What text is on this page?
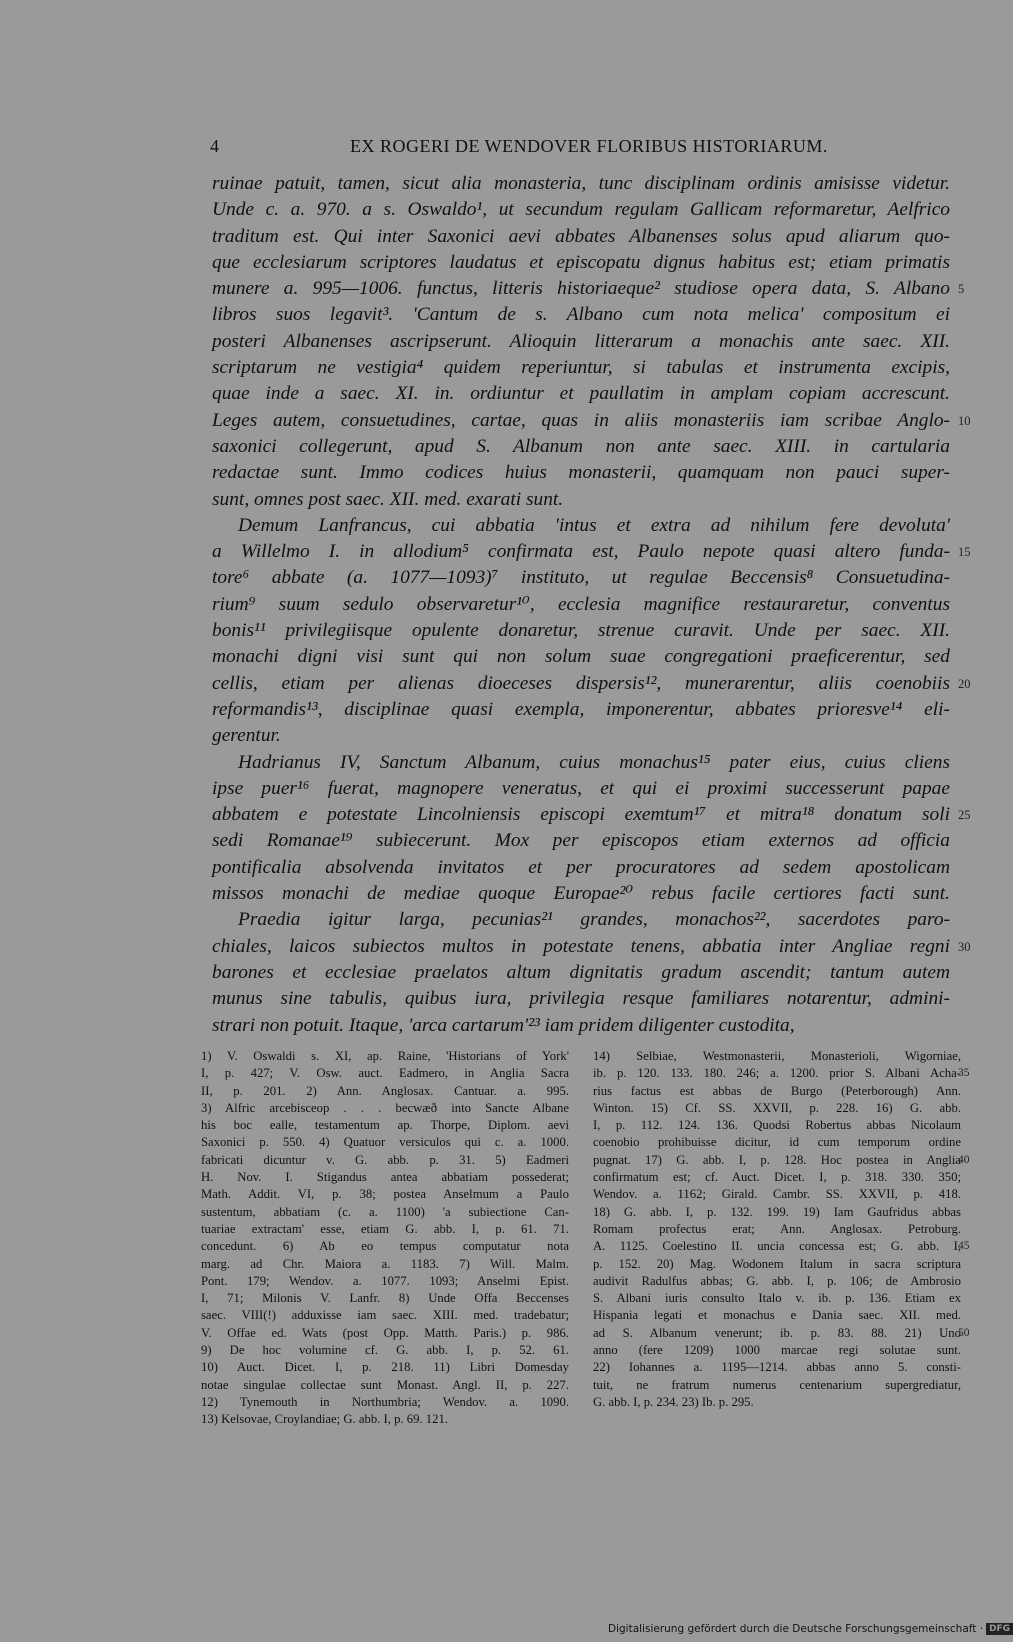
4	EX ROGERI DE WENDOVER FLORIBUS HISTORIARUM.
ruinae patuit, tamen, sicut alia monasteria, tunc disciplinam ordinis amisisse videtur.
Unde c. a. 970. a s. Oswaldo¹, ut secundum regulam Gallicam reformaretur, Aelfrico
traditum est. Qui inter Saxonici aevi abbates Albanenses solus apud aliarum quo-
que ecclesiarum scriptores laudatus et episcopatu dignus habitus est; etiam primatis
munere a. 995—1006. functus, litteris historiaeque² studiose opera data, S. Albano
libros suos legavit³. 'Cantum de s. Albano cum nota melica' compositum ei
posteri Albanenses ascripserunt. Alioquin litterarum a monachis ante saec. XII.
scriptarum ne vestigia⁴ quidem reperiuntur, si tabulas et instrumenta excipis,
quae inde a saec. XI. in. ordiuntur et paullatim in amplam copiam accrescunt.
Leges autem, consuetudines, cartae, quas in aliis monasteriis iam scribae Anglo-
saxonici collegerunt, apud S. Albanum non ante saec. XIII. in cartularia
redactae sunt. Immo codices huius monasterii, quamquam non pauci super-
sunt, omnes post saec. XII. med. exarati sunt.
Demum Lanfrancus, cui abbatia 'intus et extra ad nihilum fere devoluta'
a Willelmo I. in allodium⁵ confirmata est, Paulo nepote quasi altero funda-
tore⁶ abbate (a. 1077—1093)⁷ instituto, ut regulae Beccensis⁸ Consuetudina-
rium⁹ suum sedulo observaretur¹⁰, ecclesia magnifice restauraretur, conventus
bonis¹¹ privilegiisque opulente donaretur, strenue curavit. Unde per saec. XII.
monachi digni visi sunt qui non solum suae congregationi praeficerentur, sed
cellis, etiam per alienas dioeceses dispersis¹², munerarentur, aliis coenobiis
reformandis¹³, disciplinae quasi exempla, imponerentur, abbates prioresve¹⁴ eli-
gerentur.
Hadrianus IV, Sanctum Albanum, cuius monachus¹⁵ pater eius, cuius cliens
ipse puer¹⁶ fuerat, magnopere veneratus, et qui ei proximi successerunt papae
abbatem e potestate Lincolniensis episcopi exemtum¹⁷ et mitra¹⁸ donatum soli
sedi Romanae¹⁹ subiecerunt. Mox per episcopos etiam externos ad officia
pontificalia absolvenda invitatos et per procuratores ad sedem apostolicam
missos monachi de mediae quoque Europae²⁰ rebus facile certiores facti sunt.
Praedia igitur larga, pecunias²¹ grandes, monachos²², sacerdotes paro-
chiales, laicos subiectos multos in potestate tenens, abbatia inter Angliae regni
barones et ecclesiae praelatos altum dignitatis gradum ascendit; tantum autem
munus sine tabulis, quibus iura, privilegia resque familiares notarentur, admini-
strari non potuit. Itaque, 'arca cartarum'²³ iam pridem diligenter custodita,
5
10
15
20
25
30
1) V. Oswaldi s. XI, ap. Raine, 'Historians of York'
I, p. 427; V. Osw. auct. Eadmero, in Anglia Sacra
II, p. 201. 2) Ann. Anglosax. Cantuar. a. 995.
3) Alfric arcebisceop . . . becwæð into Sancte Albane
his boc ealle, testamentum ap. Thorpe, Diplom. aevi
Saxonici p. 550. 4) Quatuor versiculos qui c. a. 1000.
fabricati dicuntur v. G. abb. p. 31. 5) Eadmeri
H. Nov. I. Stigandus antea abbatiam possederat;
Math. Addit. VI, p. 38; postea Anselmum a Paulo
sustentum, abbatiam (c. a. 1100) 'a subiectione Can-
tuariae extractam' esse, etiam G. abb. I, p. 61. 71.
concedunt. 6) Ab eo tempus computatur nota
marg. ad Chr. Maiora a. 1183. 7) Will. Malm.
Pont. 179; Wendov. a. 1077. 1093; Anselmi Epist.
I, 71; Milonis V. Lanfr. 8) Unde Offa Beccenses
saec. VIII(!) adduxisse iam saec. XIII. med. tradebatur;
V. Offae ed. Wats (post Opp. Matth. Paris.) p. 986.
9) De hoc volumine cf. G. abb. I, p. 52. 61.
10) Auct. Dicet. I, p. 218. 11) Libri Domesday
notae singulae collectae sunt Monast. Angl. II, p. 227.
12) Tynemouth in Northumbria; Wendov. a. 1090.
13) Kelsovae, Croylandiae; G. abb. I, p. 69. 121.
14) Selbiae, Westmonasterii, Monasterioli, Wigorniae,
ib. p. 120. 133. 180. 246; a. 1200. prior S. Albani Acha-
rius factus est abbas de Burgo (Peterborough) Ann.
Winton. 15) Cf. SS. XXVII, p. 228. 16) G. abb.
I, p. 112. 124. 136. Quodsi Robertus abbas Nicolaum
coenobio prohibuisse dicitur, id cum temporum ordine
pugnat. 17) G. abb. I, p. 128. Hoc postea in Anglia
confirmatum est; cf. Auct. Dicet. I, p. 318. 330. 350;
Wendov. a. 1162; Girald. Cambr. SS. XXVII, p. 418.
18) G. abb. I, p. 132. 199. 19) Iam Gaufridus abbas
Romam profectus erat; Ann. Anglosax. Petroburg.
A. 1125. Coelestino II. uncia concessa est; G. abb. I,
p. 152. 20) Mag. Wodonem Italum in sacra scriptura
audivit Radulfus abbas; G. abb. I, p. 106; de Ambrosio
S. Albani iuris consulto Italo v. ib. p. 136. Etiam ex
Hispania legati et monachus e Dania saec. XII. med.
ad S. Albanum venerunt; ib. p. 83. 88. 21) Uno
anno (fere 1209) 1000 marcae regi solutae sunt.
22) Iohannes a. 1195—1214. abbas anno 5. consti-
tuit, ne fratrum numerus centenarium supergrediatur,
G. abb. I, p. 234. 23) Ib. p. 295.
35
40
45
50
Digitalisierung gefördert durch die Deutsche Forschungsgemeinschaft · DFG
